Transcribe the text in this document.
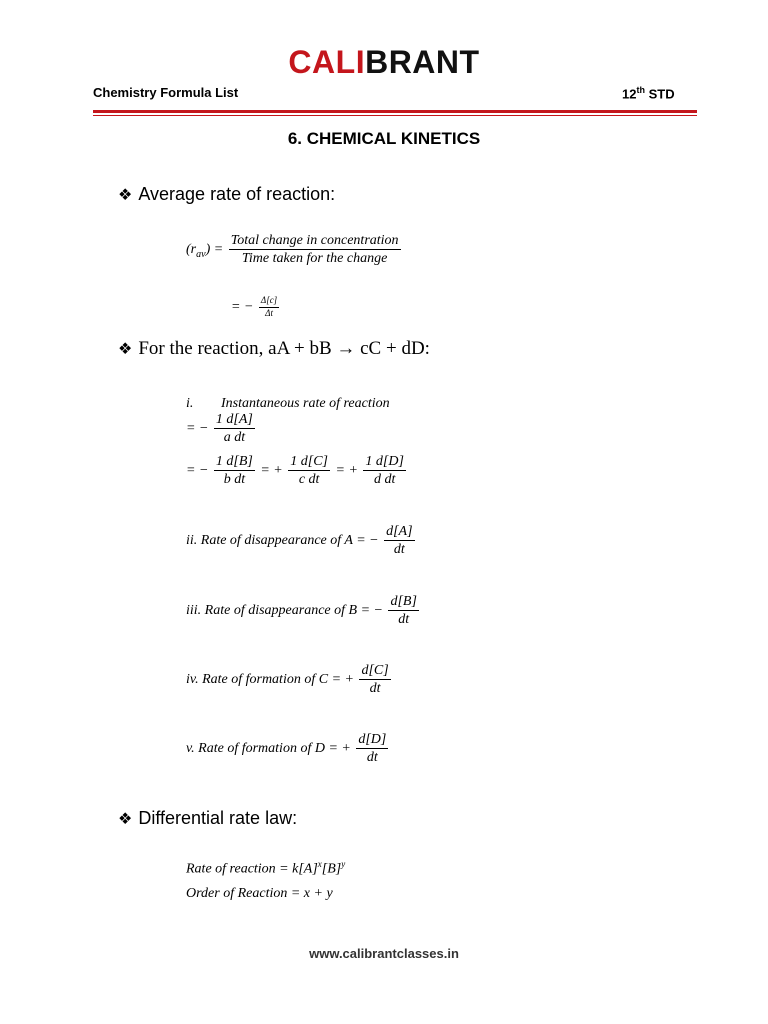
CALIBRANT
Chemistry Formula List	12th STD
6. CHEMICAL KINETICS
❖ Average rate of reaction:
$(r_{av}) = \frac{\text{Total change in concentration}}{\text{Time taken for the change}}$
= − $\frac{\Delta[c]}{\Delta t}$
❖ For the reaction, aA + bB → cC + dD:
i. Instantaneous rate of reaction
= − $\frac{1 d[A]}{\text{a dt}}$
= − $\frac{1 d[B]}{\text{b dt}}$ = + $\frac{1 d[C]}{\text{c dt}}$ = + $\frac{1 d[D]}{\text{d dt}}$
ii. Rate of disappearance of A = − $\frac{d[A]}{dt}$
iii. Rate of disappearance of B = − $\frac{d[B]}{dt}$
iv. Rate of formation of C = + $\frac{d[C]}{dt}$
v. Rate of formation of D = + $\frac{d[D]}{dt}$
❖ Differential rate law:
Rate of reaction = $k[A]^x[B]^y$
Order of Reaction = x + y
www.calibrantclasses.in
